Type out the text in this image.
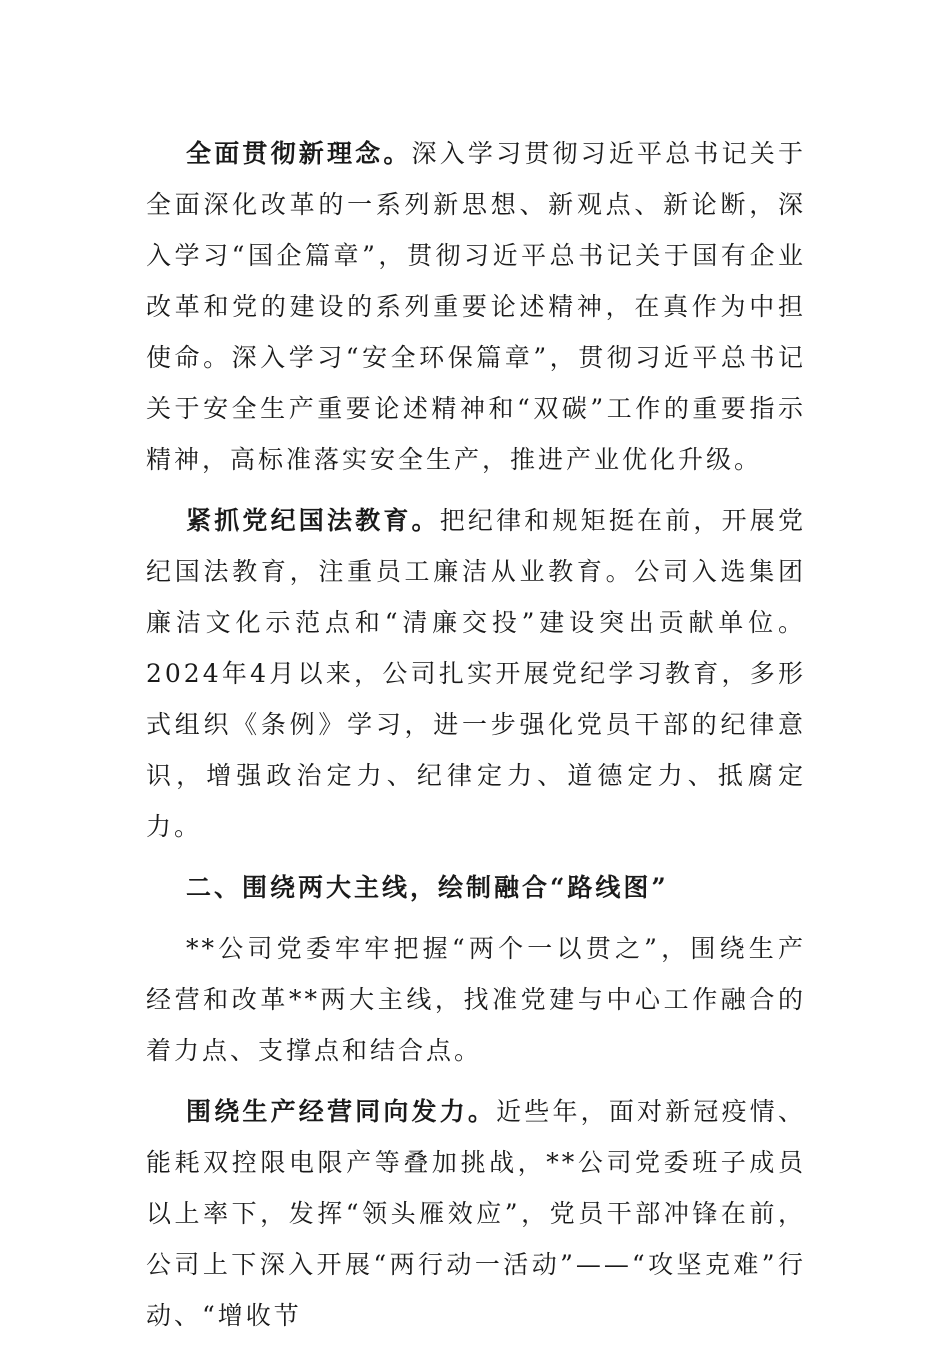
全面贯彻新理念。深入学习贯彻习近平总书记关于全面深化改革的一系列新思想、新观点、新论断，深入学习“国企篇章”，贯彻习近平总书记关于国有企业改革和党的建设的系列重要论述精神，在真作为中担使命。深入学习“安全环保篇章”，贯彻习近平总书记关于安全生产重要论述精神和“双碳”工作的重要指示精神，高标准落实安全生产，推进产业优化升级。

紧抓党纪国法教育。把纪律和规矩挺在前，开展党纪国法教育，注重员工廉洁从业教育。公司入选集团廉洁文化示范点和“清廉交投”建设突出贡献单位。2024年4月以来，公司扎实开展党纪学习教育，多形式组织《条例》学习，进一步强化党员干部的纪律意识，增强政治定力、纪律定力、道德定力、抵腐定力。

二、围绕两大主线，绘制融合“路线图”

**公司党委牢牢把握“两个一以贯之”，围绕生产经营和改革**两大主线，找准党建与中心工作融合的着力点、支撑点和结合点。

围绕生产经营同向发力。近些年，面对新冠疫情、能耗双控限电限产等叠加挑战，**公司党委班子成员以上率下，发挥“领头雁效应”，党员干部冲锋在前，公司上下深入开展“两行动一活动”——“攻坚克难”行动、“增收节
